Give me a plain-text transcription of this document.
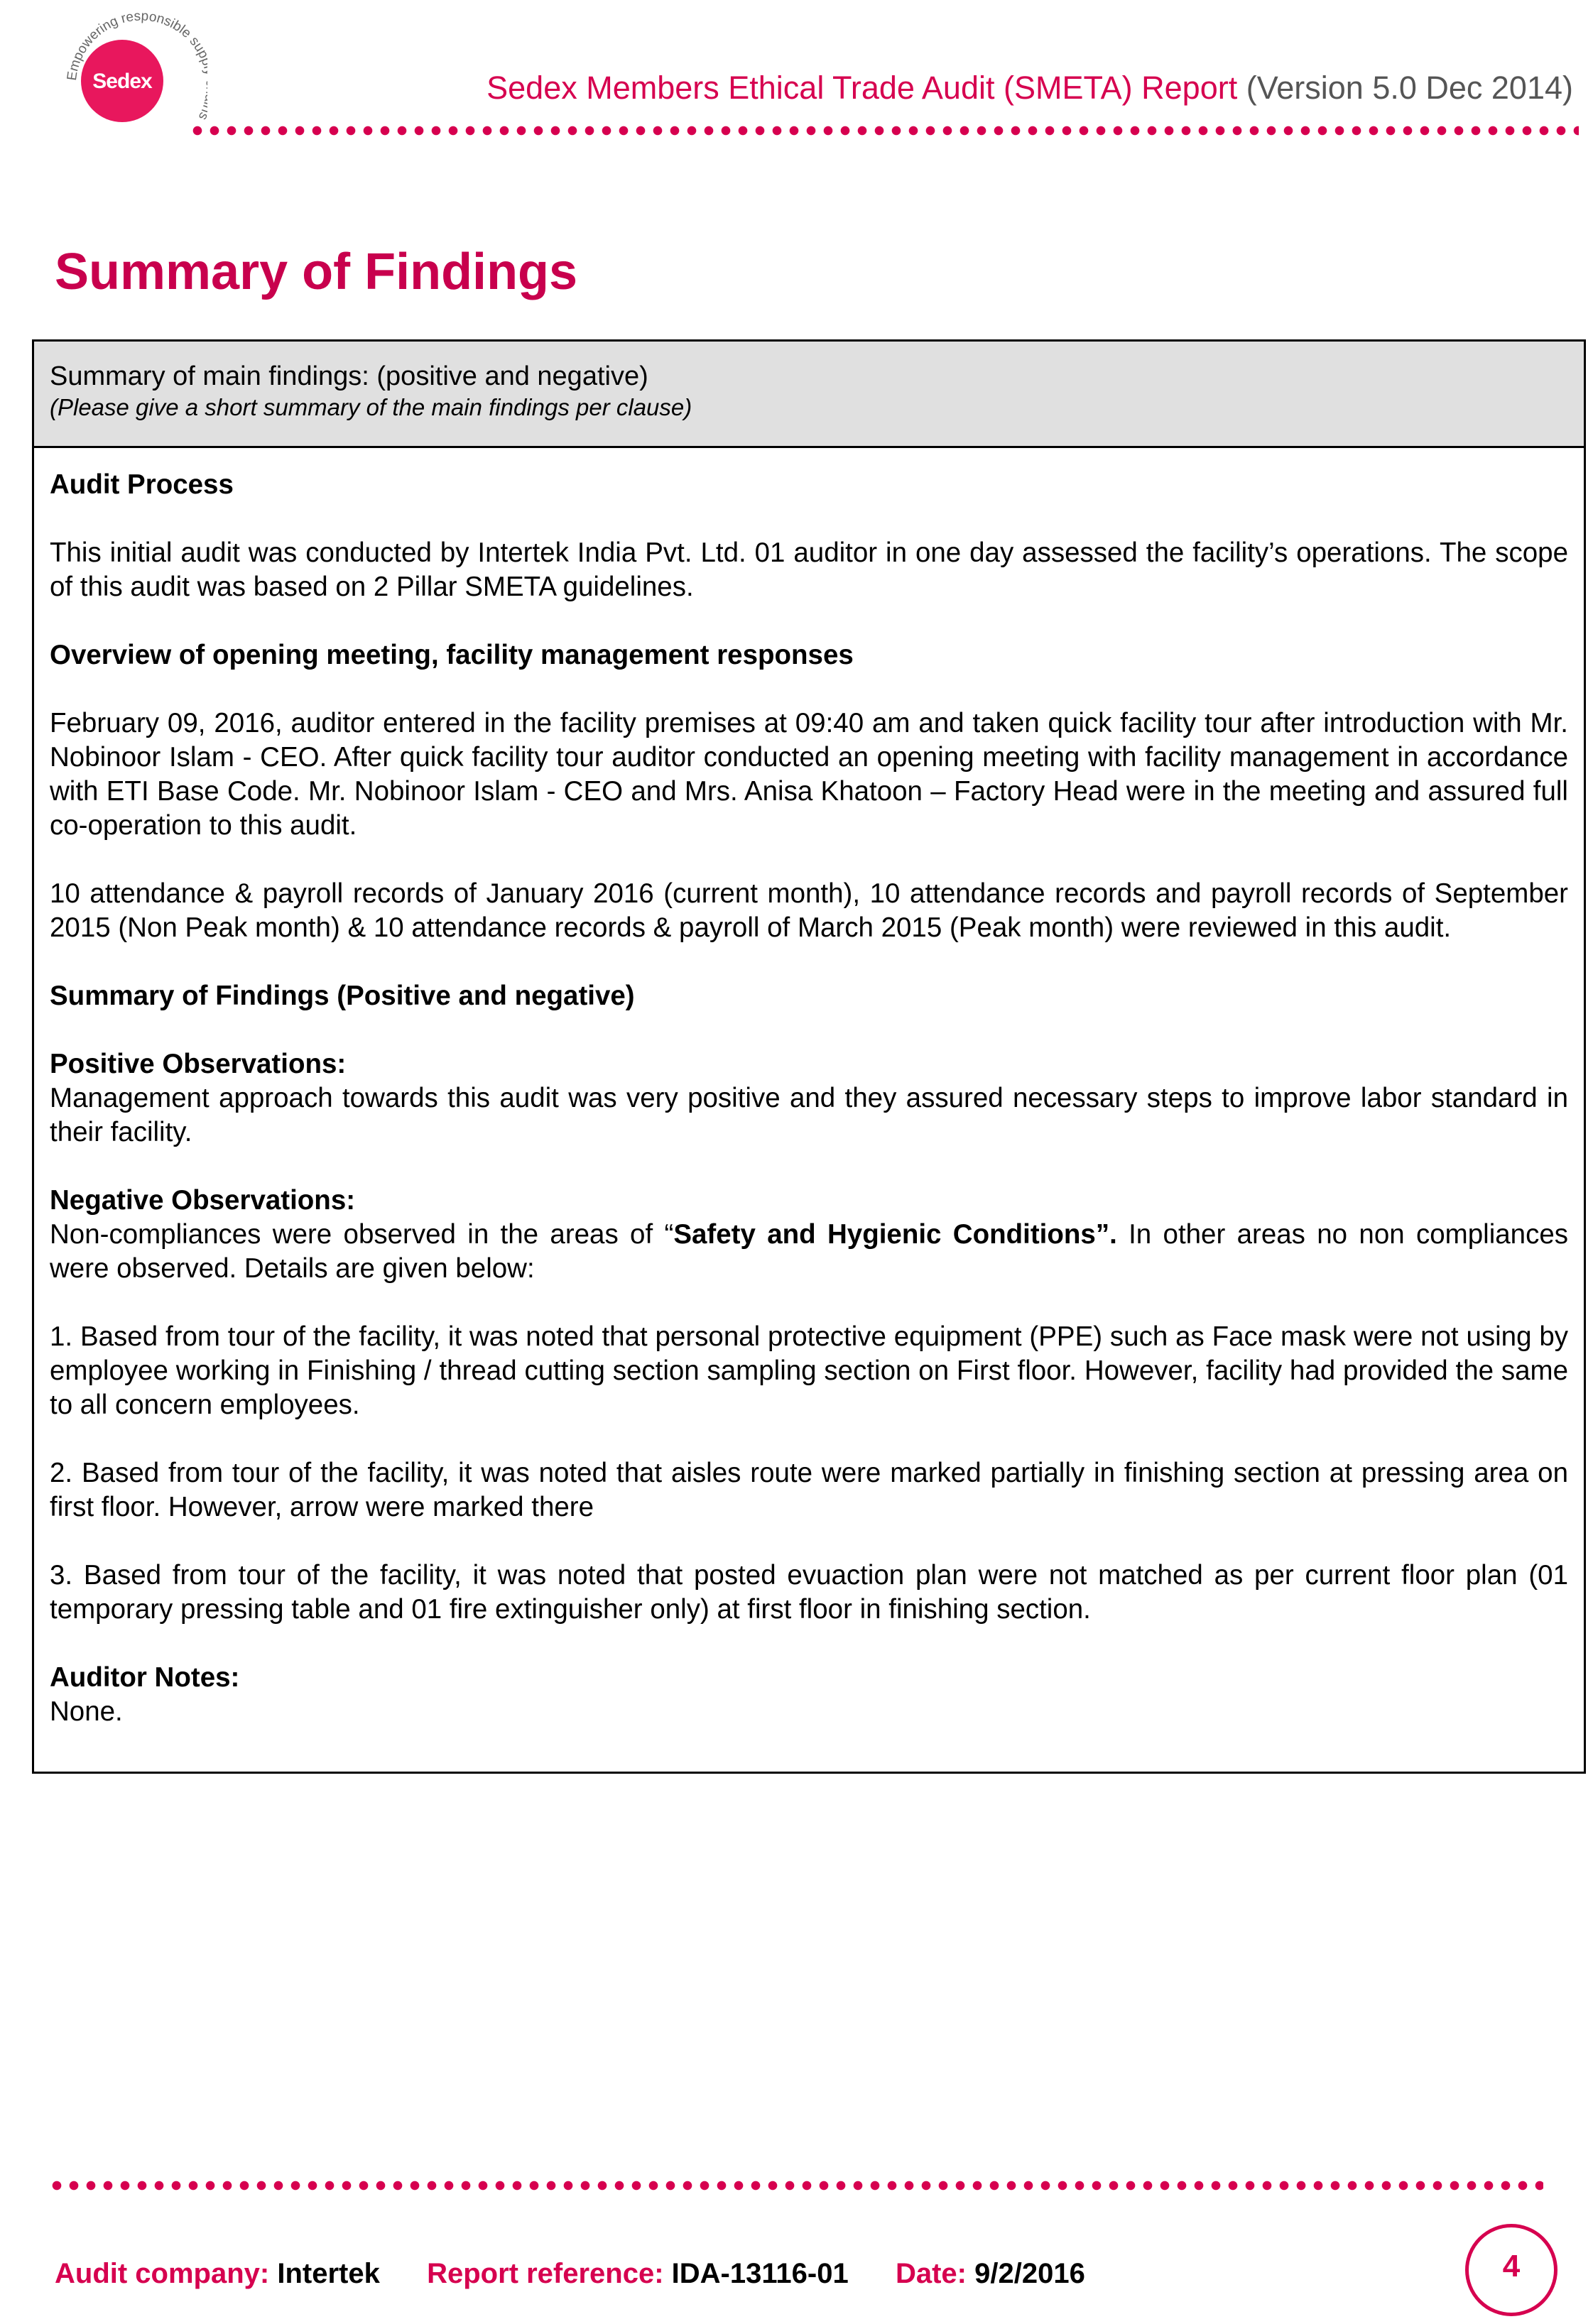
Sedex
Empowering responsible su
Sedex Members Ethical Trade Audit (SMETA) Report (Version 5.0 Dec 2014)
Summary of Findings
Summary of main findings: (positive and negative)
(Please give a short summary of the main findings per clause)

Audit Process

This initial audit was conducted by Intertek India Pvt. Ltd. 01 auditor in one day assessed the facility’s operations. The scope of this audit was based on 2 Pillar SMETA guidelines.

Overview of opening meeting, facility management responses

February 09, 2016, auditor entered in the facility premises at 09:40 am and taken quick facility tour after introduction with Mr. Nobinoor Islam - CEO. After quick facility tour auditor conducted an opening meeting with facility management in accordance with ETI Base Code. Mr. Nobinoor Islam - CEO and Mrs. Anisa Khatoon – Factory Head were in the meeting and assured full co-operation to this audit.

10 attendance & payroll records of January 2016 (current month), 10 attendance records and payroll records of September 2015 (Non Peak month) & 10 attendance records & payroll of March 2015 (Peak month) were reviewed in this audit.

Summary of Findings (Positive and negative)

Positive Observations:

Management approach towards this audit was very positive and they assured necessary steps to improve labor standard in their facility.

Negative Observations:

Non-compliances were observed in the areas of “Safety and Hygienic Conditions”. In other areas no non compliances were observed. Details are given below:

1. Based from tour of the facility, it was noted that personal protective equipment (PPE) such as Face mask were not using by employee working in Finishing / thread cutting section sampling section on First floor. However, facility had provided the same to all concern employees.

2. Based from tour of the facility, it was noted that aisles route were marked partially in finishing section at pressing area on first floor. However, arrow were marked there

3. Based from tour of the facility, it was noted that posted evuaction plan were not matched as per current floor plan (01 temporary pressing table and 01 fire extinguisher only) at first floor in finishing section.

Auditor Notes:

None.

Audit company: Intertek Report reference: IDA-13116-01 Date: 9/2/2016	4
